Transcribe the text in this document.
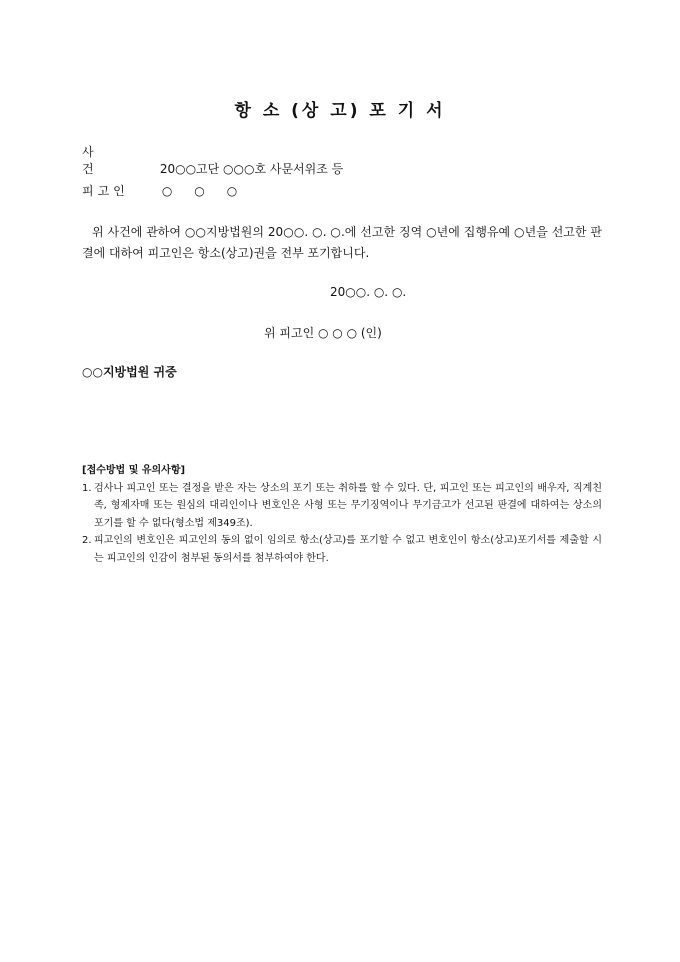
항 소 (상 고) 포 기 서
사 건	20○○고단 ○○○호 사문서위조 등
피고인	○○○
위 사건에 관하여 ○○지방법원의 20○○. ○. ○.에 선고한 징역 ○년에 집행유예 ○년을 선고한 판결에 대하여 피고인은 항소(상고)권을 전부 포기합니다.
20○○. ○. ○.
위 피고인 ○ ○ ○ (인)
○○지방법원 귀중
[접수방법 및 유의사항]
1. 검사나 피고인 또는 결정을 받은 자는 상소의 포기 또는 취하를 할 수 있다. 단, 피고인 또는 피고인의 배우자, 직계친족, 형제자매 또는 원심의 대리인이나 변호인은 사형 또는 무기징역이나 무기금고가 선고된 판결에 대하여는 상소의 포기를 할 수 없다(형소법 제349조).
2. 피고인의 변호인은 피고인의 동의 없이 임의로 항소(상고)를 포기할 수 없고 변호인이 항소(상고)포기서를 제출할 시는 피고인의 인감이 첨부된 동의서를 첨부하여야 한다.
